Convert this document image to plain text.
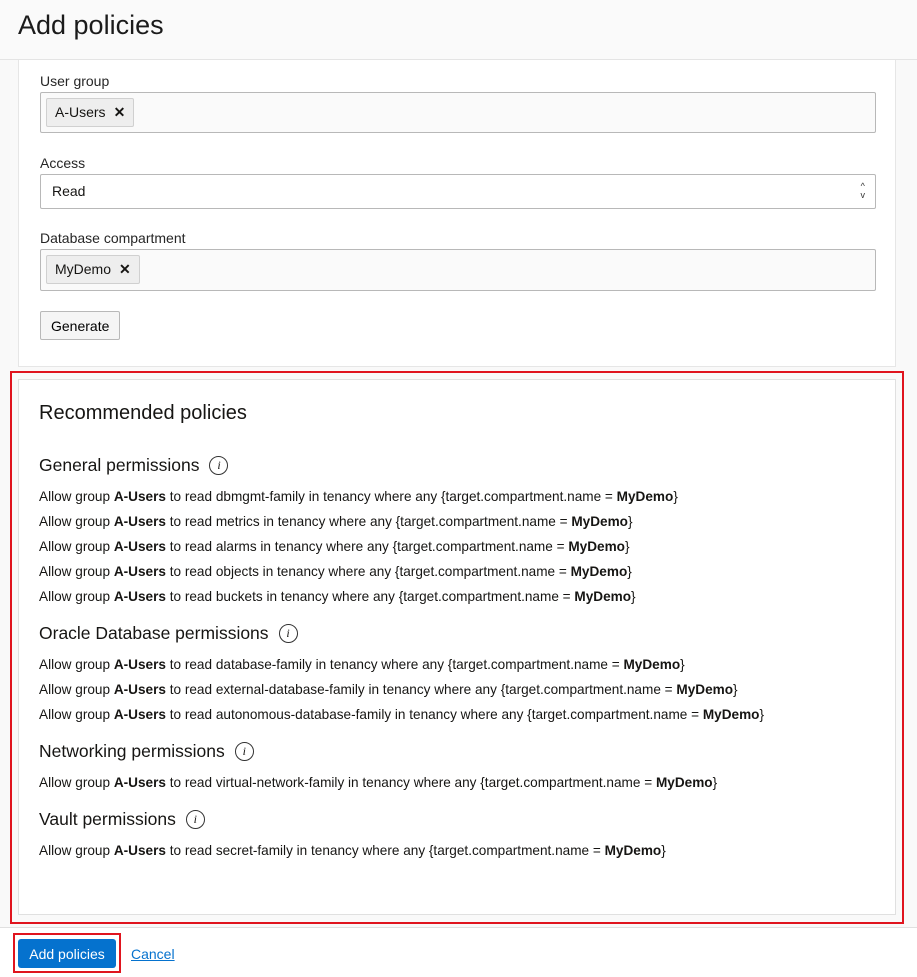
Add policies
User group
A-Users ✕
Access
Read	^
v
Database compartment
MyDemo ✕
Generate
Recommended policies
General permissions	i
Allow group A-Users to read dbmgmt-family in tenancy where any {target.compartment.name = MyDemo}
Allow group A-Users to read metrics in tenancy where any {target.compartment.name = MyDemo}
Allow group A-Users to read alarms in tenancy where any {target.compartment.name = MyDemo}
Allow group A-Users to read objects in tenancy where any {target.compartment.name = MyDemo}
Allow group A-Users to read buckets in tenancy where any {target.compartment.name = MyDemo}
Oracle Database permissions	i
Allow group A-Users to read database-family in tenancy where any {target.compartment.name = MyDemo}
Allow group A-Users to read external-database-family in tenancy where any {target.compartment.name = MyDemo}
Allow group A-Users to read autonomous-database-family in tenancy where any {target.compartment.name = MyDemo}
Networking permissions	i
Allow group A-Users to read virtual-network-family in tenancy where any {target.compartment.name = MyDemo}
Vault permissions	i
Allow group A-Users to read secret-family in tenancy where any {target.compartment.name = MyDemo}
Add policies	Cancel
